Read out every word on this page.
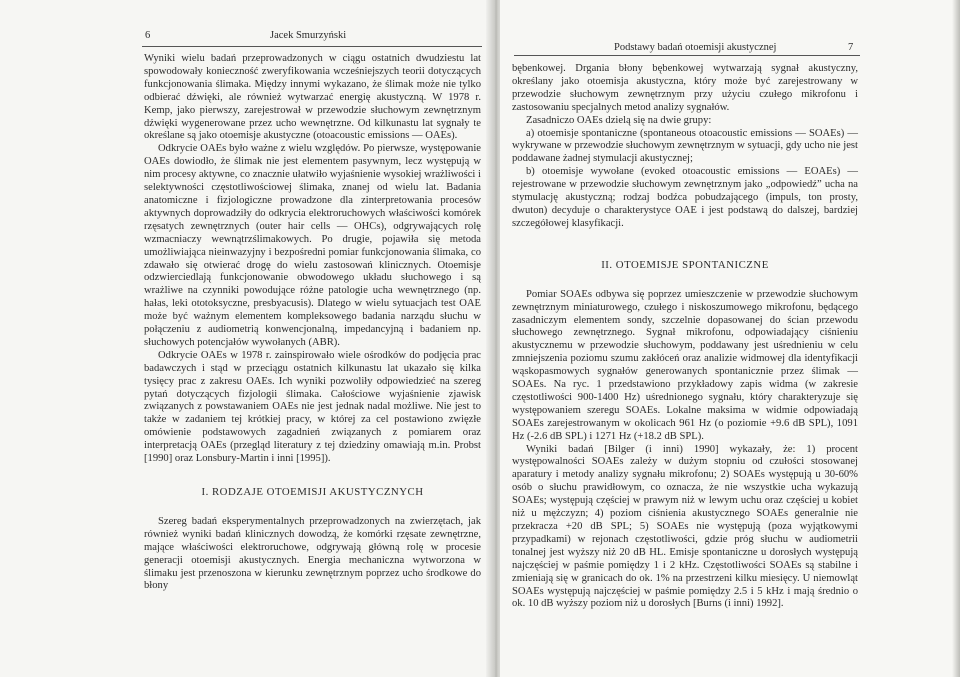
6	Jacek Smurzyński

Wyniki wielu badań przeprowadzonych w ciągu ostatnich dwudziestu lat spowodowały konieczność zweryfikowania wcześniejszych teorii dotyczących funkcjonowania ślimaka. Między innymi wykazano, że ślimak może nie tylko odbierać dźwięki, ale również wytwarzać energię akustyczną. W 1978 r. Kemp, jako pierwszy, zarejestrował w przewodzie słuchowym zewnętrznym dźwięki wygenerowane przez ucho wewnętrzne. Od kilkunastu lat sygnały te określane są jako otoemisje akustyczne (otoacoustic emissions — OAEs).

Odkrycie OAEs było ważne z wielu względów. Po pierwsze, występowanie OAEs dowiodło, że ślimak nie jest elementem pasywnym, lecz występują w nim procesy aktywne, co znacznie ułatwiło wyjaśnienie wysokiej wrażliwości i selektywności częstotliwościowej ślimaka, znanej od wielu lat. Badania anatomiczne i fizjologiczne prowadzone dla zinterpretowania procesów aktywnych doprowadziły do odkrycia elektroruchowych właściwości komórek rzęsatych zewnętrznych (outer hair cells — OHCs), odgrywających rolę wzmacniaczy wewnątrzślimakowych. Po drugie, pojawiła się metoda umożliwiająca nieinwazyjny i bezpośredni pomiar funkcjonowania ślimaka, co zdawało się otwierać drogę do wielu zastosowań klinicznych. Otoemisje odzwierciedlają funkcjonowanie obwodowego układu słuchowego i są wrażliwe na czynniki powodujące różne patologie ucha wewnętrznego (np. hałas, leki ototoksyczne, presbyacusis). Dlatego w wielu sytuacjach test OAE może być ważnym elementem kompleksowego badania narządu słuchu w połączeniu z audiometrią konwencjonalną, impedancyjną i badaniem np. słuchowych potencjałów wywołanych (ABR).

Odkrycie OAEs w 1978 r. zainspirowało wiele ośrodków do podjęcia prac badawczych i stąd w przeciągu ostatnich kilkunastu lat ukazało się kilka tysięcy prac z zakresu OAEs. Ich wyniki pozwoliły odpowiedzieć na szereg pytań dotyczących fizjologii ślimaka. Całościowe wyjaśnienie zjawisk związanych z powstawaniem OAEs nie jest jednak nadal możliwe. Nie jest to także w zadaniem tej krótkiej pracy, w której za cel postawiono zwięzłe omówienie podstawowych zagadnień związanych z pomiarem oraz interpretacją OAEs (przegląd literatury z tej dziedziny omawiają m.in. Probst [1990] oraz Lonsbury-Martin i inni [1995]).

I. RODZAJE OTOEMISJI AKUSTYCZNYCH

Szereg badań eksperymentalnych przeprowadzonych na zwierzętach, jak również wyniki badań klinicznych dowodzą, że komórki rzęsate zewnętrzne, mające właściwości elektroruchowe, odgrywają główną rolę w procesie generacji otoemisji akustycznych. Energia mechaniczna wytworzona w ślimaku jest przenoszona w kierunku zewnętrznym poprzez ucho środkowe do błony

Podstawy badań otoemisji akustycznej	7

bębenkowej. Drgania błony bębenkowej wytwarzają sygnał akustyczny, określany jako otoemisja akustyczna, który może być zarejestrowany w przewodzie słuchowym zewnętrznym przy użyciu czułego mikrofonu i zastosowaniu specjalnych metod analizy sygnałów.

Zasadniczo OAEs dzielą się na dwie grupy:

a) otoemisje spontaniczne (spontaneous otoacoustic emissions — SOAEs) — wykrywane w przewodzie słuchowym zewnętrznym w sytuacji, gdy ucho nie jest poddawane żadnej stymulacji akustycznej;

b) otoemisje wywołane (evoked otoacoustic emissions — EOAEs) — rejestrowane w przewodzie słuchowym zewnętrznym jako „odpowiedź” ucha na stymulację akustyczną; rodzaj bodźca pobudzającego (impuls, ton prosty, dwuton) decyduje o charakterystyce OAE i jest podstawą do dalszej, bardziej szczegółowej klasyfikacji.

II. OTOEMISJE SPONTANICZNE

Pomiar SOAEs odbywa się poprzez umieszczenie w przewodzie słuchowym zewnętrznym miniaturowego, czułego i niskoszumowego mikrofonu, będącego zasadniczym elementem sondy, szczelnie dopasowanej do ścian przewodu słuchowego zewnętrznego. Sygnał mikrofonu, odpowiadający ciśnieniu akustycznemu w przewodzie słuchowym, poddawany jest uśrednieniu w celu zmniejszenia poziomu szumu zakłóceń oraz analizie widmowej dla identyfikacji wąskopasmowych sygnałów generowanych spontanicznie przez ślimak — SOAEs. Na ryc. 1 przedstawiono przykładowy zapis widma (w zakresie częstotliwości 900-1400 Hz) uśrednionego sygnału, który charakteryzuje się występowaniem szeregu SOAEs. Lokalne maksima w widmie odpowiadają SOAEs zarejestrowanym w okolicach 961 Hz (o poziomie +9.6 dB SPL), 1091 Hz (-2.6 dB SPL) i 1271 Hz (+18.2 dB SPL).

Wyniki badań [Bilger (i inni) 1990] wykazały, że: 1) procent występowalności SOAEs zależy w dużym stopniu od czułości stosowanej aparatury i metody analizy sygnału mikrofonu; 2) SOAEs występują u 30-60% osób o słuchu prawidłowym, co oznacza, że nie wszystkie ucha wykazują SOAEs; występują częściej w prawym niż w lewym uchu oraz częściej u kobiet niż u mężczyzn; 4) poziom ciśnienia akustycznego SOAEs generalnie nie przekracza +20 dB SPL; 5) SOAEs nie występują (poza wyjątkowymi przypadkami) w rejonach częstotliwości, gdzie próg słuchu w audiometrii tonalnej jest wyższy niż 20 dB HL. Emisje spontaniczne u dorosłych występują najczęściej w paśmie pomiędzy 1 i 2 kHz. Częstotliwości SOAEs są stabilne i zmieniają się w granicach do ok. 1% na przestrzeni kilku miesięcy. U niemowląt SOAEs występują najczęściej w paśmie pomiędzy 2.5 i 5 kHz i mają średnio o ok. 10 dB wyższy poziom niż u dorosłych [Burns (i inni) 1992].
